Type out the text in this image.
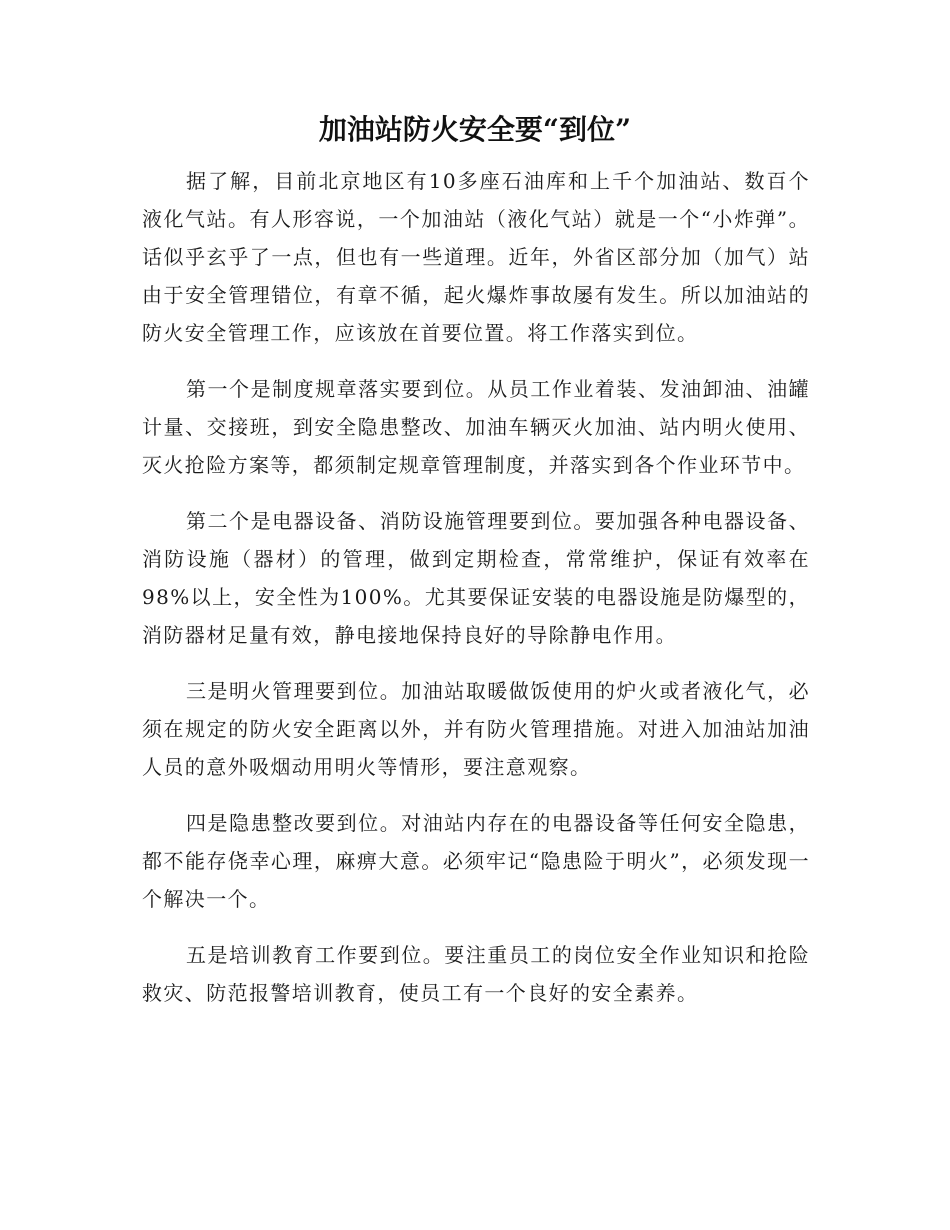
加油站防火安全要“到位”

据了解，目前北京地区有10多座石油库和上千个加油站、数百个液化气站。有人形容说，一个加油站（液化气站）就是一个“小炸弹”。话似乎玄乎了一点，但也有一些道理。近年，外省区部分加（加气）站由于安全管理错位，有章不循，起火爆炸事故屡有发生。所以加油站的防火安全管理工作，应该放在首要位置。将工作落实到位。

第一个是制度规章落实要到位。从员工作业着装、发油卸油、油罐计量、交接班，到安全隐患整改、加油车辆灭火加油、站内明火使用、灭火抢险方案等，都须制定规章管理制度，并落实到各个作业环节中。

第二个是电器设备、消防设施管理要到位。要加强各种电器设备、消防设施（器材）的管理，做到定期检查，常常维护，保证有效率在98%以上，安全性为100%。尤其要保证安装的电器设施是防爆型的，消防器材足量有效，静电接地保持良好的导除静电作用。

三是明火管理要到位。加油站取暖做饭使用的炉火或者液化气，必须在规定的防火安全距离以外，并有防火管理措施。对进入加油站加油人员的意外吸烟动用明火等情形，要注意观察。

四是隐患整改要到位。对油站内存在的电器设备等任何安全隐患，都不能存侥幸心理，麻痹大意。必须牢记“隐患险于明火”，必须发现一个解决一个。

五是培训教育工作要到位。要注重员工的岗位安全作业知识和抢险救灾、防范报警培训教育，使员工有一个良好的安全素养。
